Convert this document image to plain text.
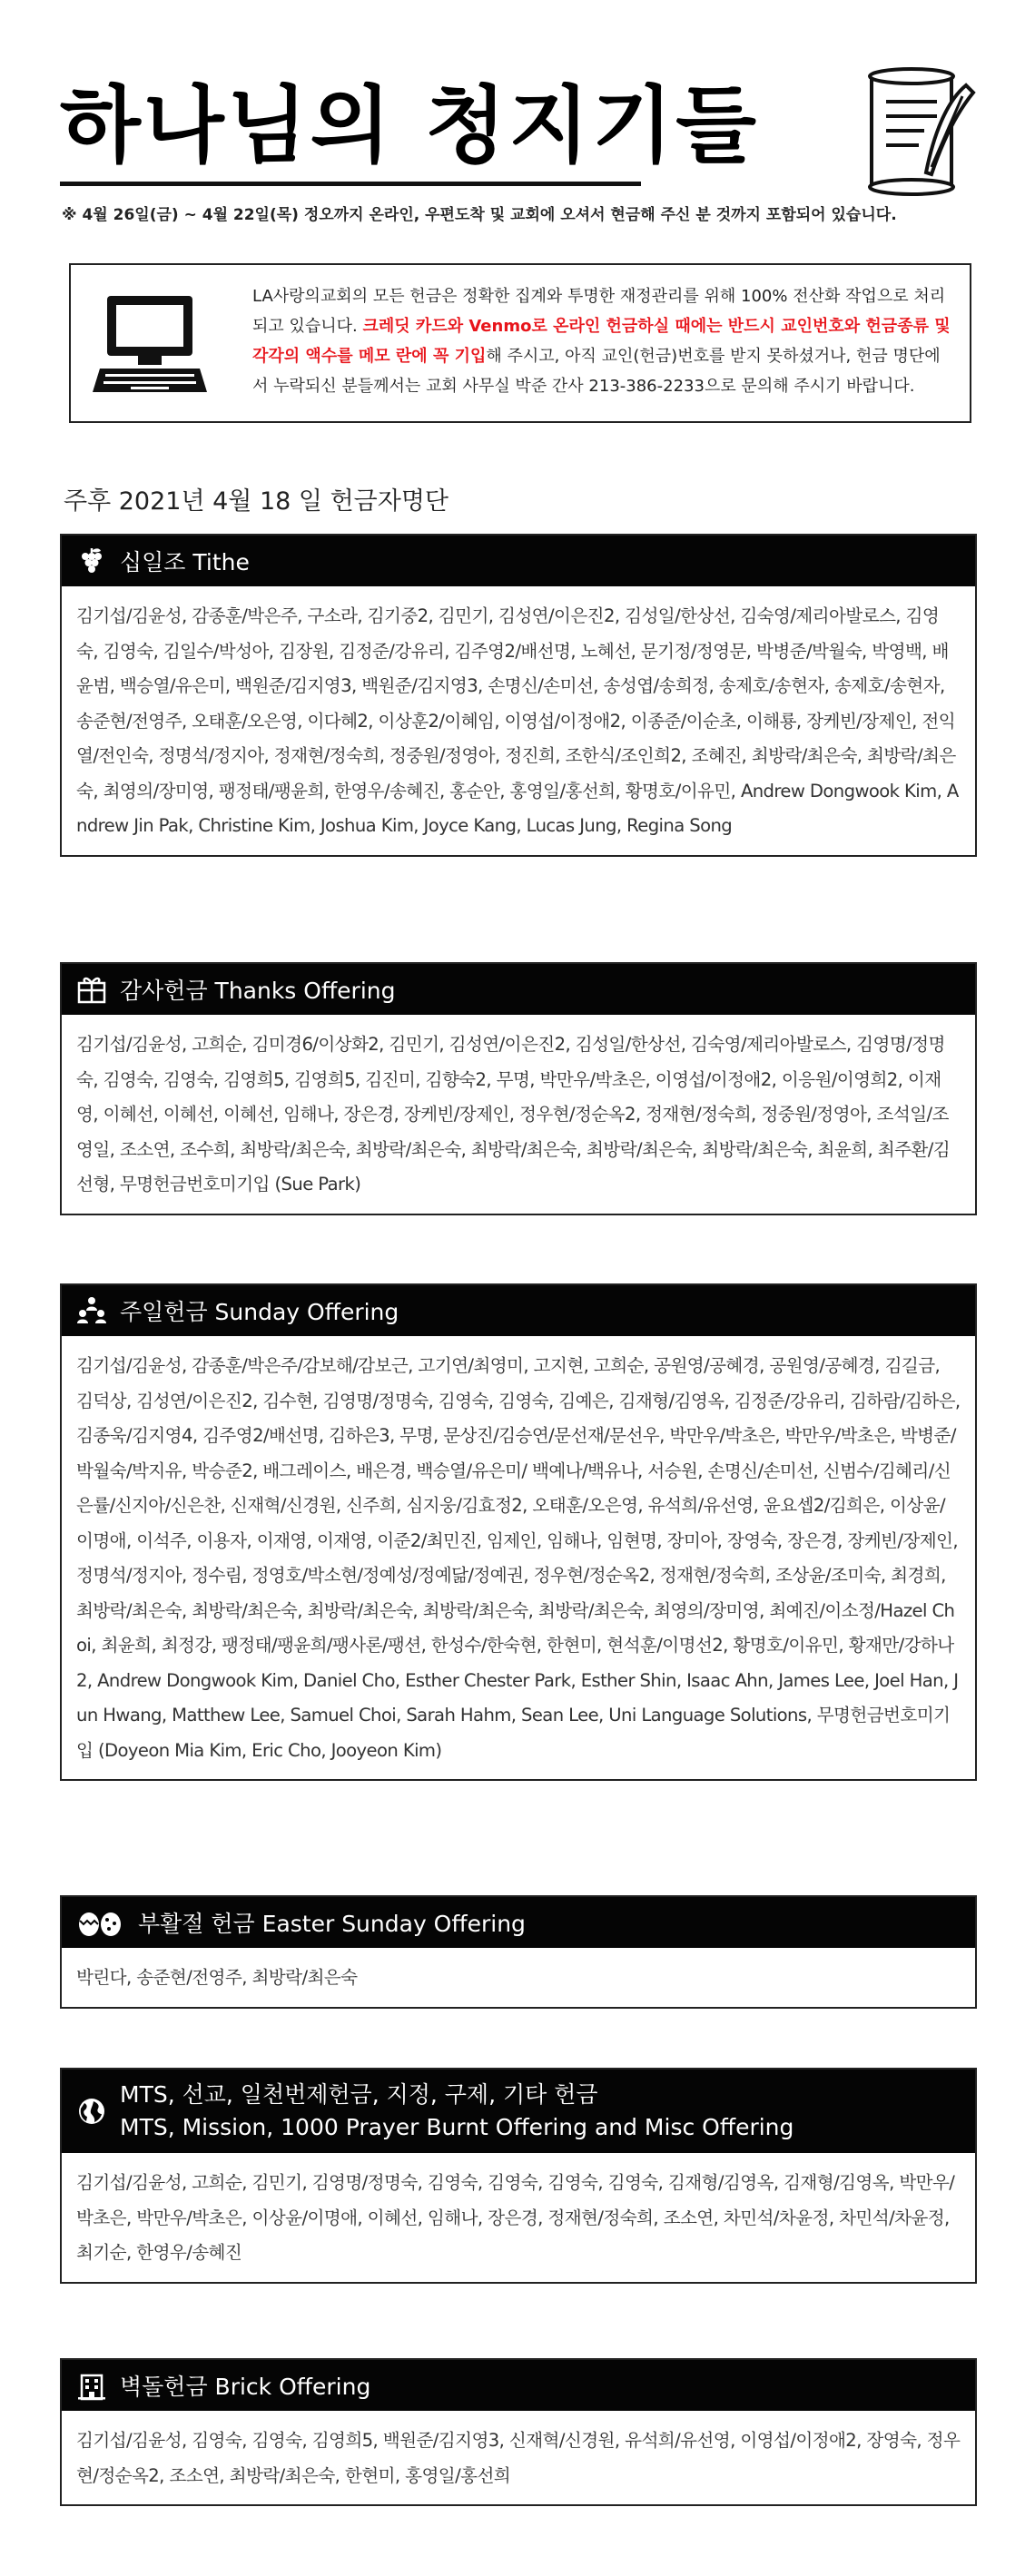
하나님의 청지기들
※ 4월 26일(금) ~ 4월 22일(목) 정오까지 온라인, 우편도착 및 교회에 오셔서 현금해 주신 분 것까지 포함되어 있습니다.

LA사랑의교회의 모든 헌금은 정확한 집계와 투명한 재정관리를 위해 100% 전산화 작업으로 처리되고 있습니다. 크레딧 카드와 Venmo로 온라인 헌금하실 때에는 반드시 교인번호와 헌금종류 및 각각의 액수를 메모 란에 꼭 기입해 주시고, 아직 교인(헌금)번호를 받지 못하셨거나, 헌금 명단에서 누락되신 분들께서는 교회 사무실 박준 간사 213-386-2233으로 문의해 주시기 바랍니다.

주후 2021년 4월 18 일 헌금자명단
십일조 Tithe
김기섭/김윤성, 감종훈/박은주, 구소라, 김기중2, 김민기, 김성연/이은진2, 김성일/한상선, 김숙영/제리아발로스, 김영숙, 김영숙, 김일수/박성아, 김장원, 김정준/강유리, 김주영2/배선명, 노혜선, 문기정/정영문, 박병준/박월숙, 박영백, 배윤범, 백승열/유은미, 백원준/김지영3, 백원준/김지영3, 손명신/손미선, 송성엽/송희정, 송제호/송현자, 송제호/송현자, 송준현/전영주, 오태훈/오은영, 이다혜2, 이상훈2/이혜임, 이영섭/이정애2, 이종준/이순초, 이해룡, 장케빈/장제인, 전익열/전인숙, 정명석/정지아, 정재현/정숙희, 정중원/정영아, 정진희, 조한식/조인희2, 조혜진, 최방락/최은숙, 최방락/최은숙, 최영의/장미영, 팽정태/팽윤희, 한영우/송혜진, 홍순안, 홍영일/홍선희, 황명호/이유민, Andrew Dongwook Kim, Andrew Jin Pak, Christine Kim, Joshua Kim, Joyce Kang, Lucas Jung, Regina Song
감사헌금 Thanks Offering
김기섭/김윤성, 고희순, 김미경6/이상화2, 김민기, 김성연/이은진2, 김성일/한상선, 김숙영/제리아발로스, 김영명/정명숙, 김영숙, 김영숙, 김영희5, 김영희5, 김진미, 김향숙2, 무명, 박만우/박초은, 이영섭/이정애2, 이응원/이영희2, 이재영, 이혜선, 이혜선, 이혜선, 임해나, 장은경, 장케빈/장제인, 정우현/정순옥2, 정재현/정숙희, 정중원/정영아, 조석일/조영일, 조소연, 조수희, 최방락/최은숙, 최방락/최은숙, 최방락/최은숙, 최방락/최은숙, 최방락/최은숙, 최윤희, 최주환/김선형, 무명헌금번호미기입 (Sue Park)
주일헌금 Sunday Offering
김기섭/김윤성, 감종훈/박은주/감보해/감보근, 고기연/최영미, 고지현, 고희순, 공원영/공혜경, 공원영/공혜경, 김길금, 김덕상, 김성연/이은진2, 김수현, 김영명/정명숙, 김영숙, 김영숙, 김예은, 김재형/김영옥, 김정준/강유리, 김하람/김하은, 김종욱/김지영4, 김주영2/배선명, 김하은3, 무명, 문상진/김승연/문선재/문선우, 박만우/박초은, 박만우/박초은, 박병준/박월숙/박지유, 박승준2, 배그레이스, 배은경, 백승열/유은미/ 백예나/백유나, 서승원, 손명신/손미선, 신범수/김혜리/신은률/신지아/신은찬, 신재혁/신경원, 신주희, 심지웅/김효정2, 오태훈/오은영, 유석희/유선영, 윤요셉2/김희은, 이상윤/이명애, 이석주, 이용자, 이재영, 이재영, 이준2/최민진, 임제인, 임해나, 임현명, 장미아, 장영숙, 장은경, 장케빈/장제인, 정명석/정지아, 정수림, 정영호/박소현/정예성/정예닮/정예권, 정우현/정순옥2, 정재현/정숙희, 조상윤/조미숙, 최경희, 최방락/최은숙, 최방락/최은숙, 최방락/최은숙, 최방락/최은숙, 최방락/최은숙, 최영의/장미영, 최예진/이소정/Hazel Choi, 최윤희, 최정강, 팽정태/팽윤희/팽사론/팽션, 한성수/한숙현, 한현미, 현석훈/이명선2, 황명호/이유민, 황재만/강하나2, Andrew Dongwook Kim, Daniel Cho, Esther Chester Park, Esther Shin, Isaac Ahn, James Lee, Joel Han, Jun Hwang, Matthew Lee, Samuel Choi, Sarah Hahm, Sean Lee, Uni Language Solutions, 무명헌금번호미기입 (Doyeon Mia Kim, Eric Cho, Jooyeon Kim)
부활절 헌금 Easter Sunday Offering
박린다, 송준현/전영주, 최방락/최은숙
MTS, 선교, 일천번제헌금, 지정, 구제, 기타 헌금
MTS, Mission, 1000 Prayer Burnt Offering and Misc Offering
김기섭/김윤성, 고희순, 김민기, 김영명/정명숙, 김영숙, 김영숙, 김영숙, 김영숙, 김재형/김영옥, 김재형/김영옥, 박만우/박초은, 박만우/박초은, 이상윤/이명애, 이혜선, 임해나, 장은경, 정재현/정숙희, 조소연, 차민석/차윤정, 차민석/차윤정, 최기순, 한영우/송혜진
벽돌헌금 Brick Offering
김기섭/김윤성, 김영숙, 김영숙, 김영희5, 백원준/김지영3, 신재혁/신경원, 유석희/유선영, 이영섭/이정애2, 장영숙, 정우현/정순옥2, 조소연, 최방락/최은숙, 한현미, 홍영일/홍선희
